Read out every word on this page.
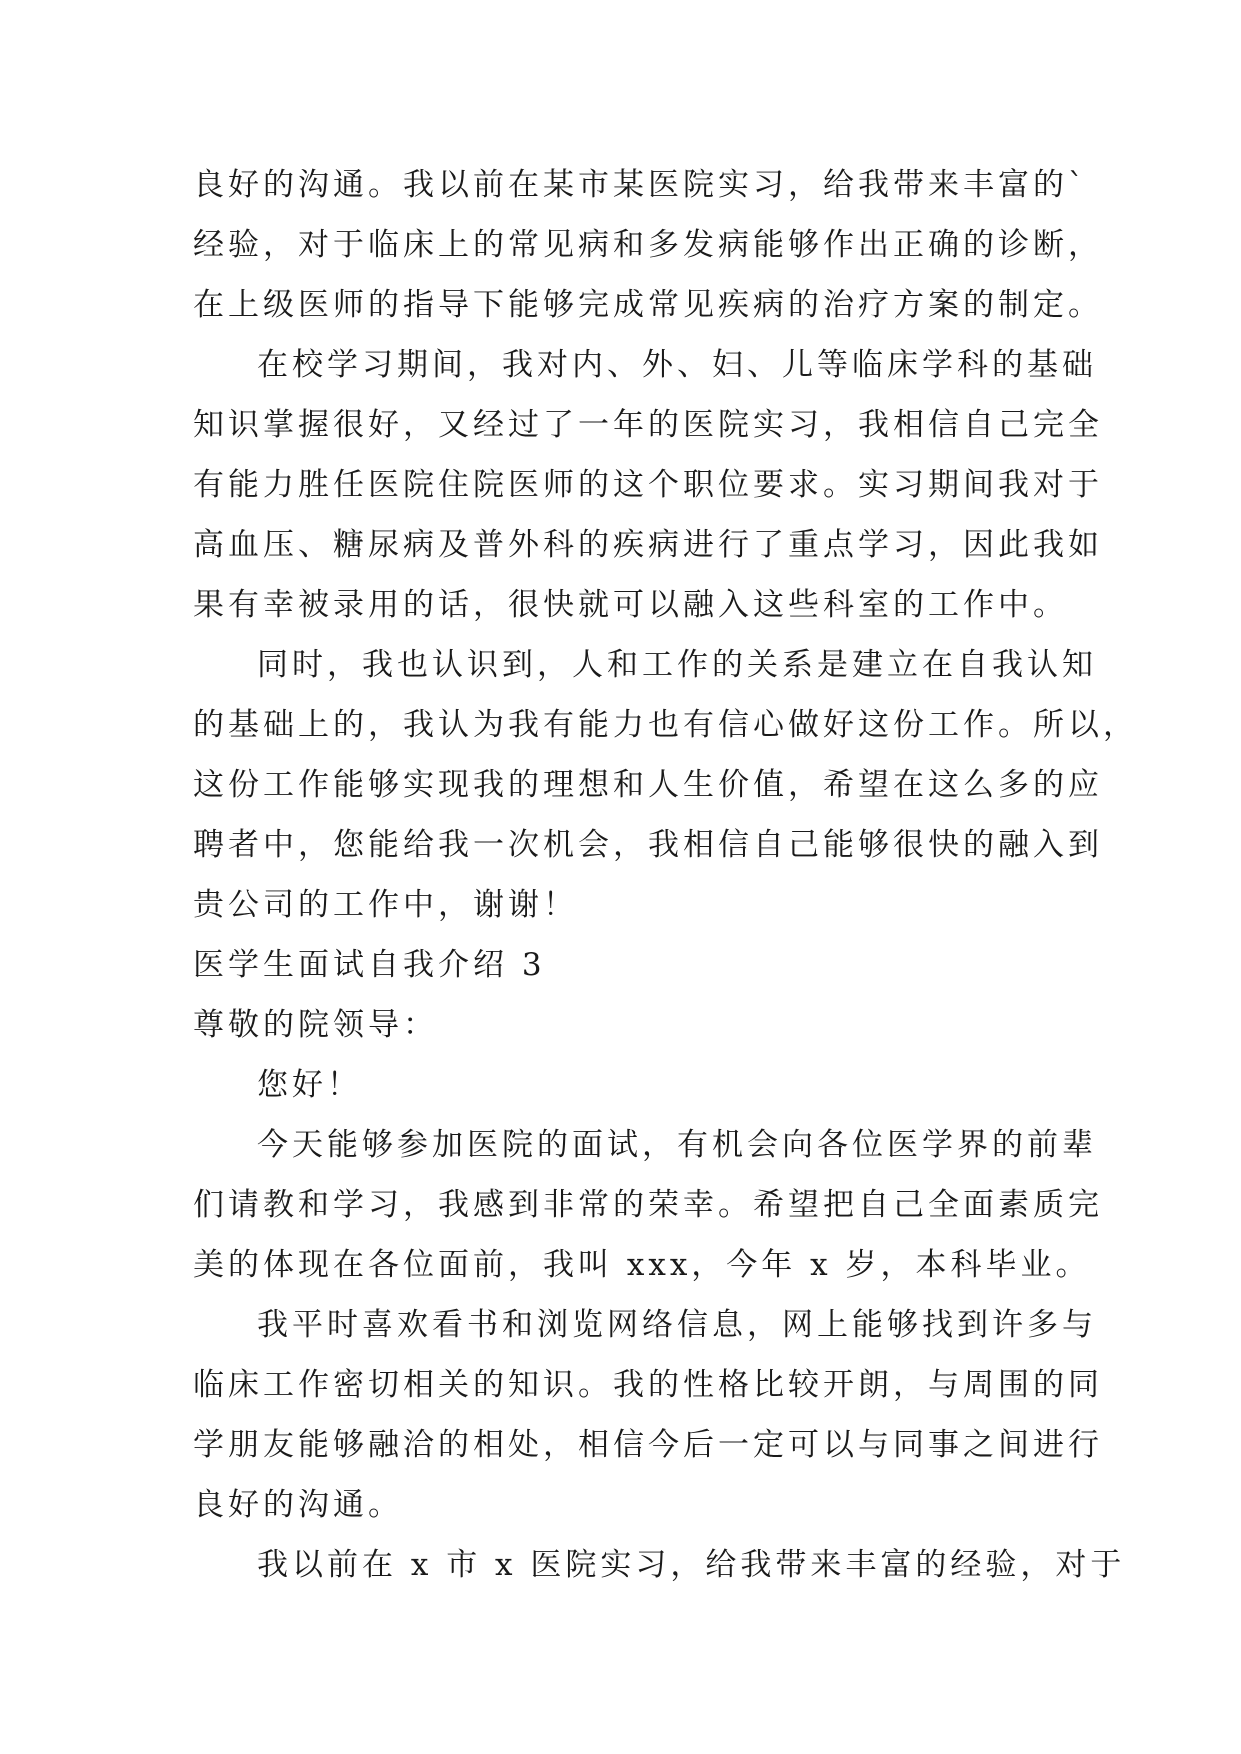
良好的沟通。我以前在某市某医院实习，给我带来丰富的`
经验，对于临床上的常见病和多发病能够作出正确的诊断，
在上级医师的指导下能够完成常见疾病的治疗方案的制定。
在校学习期间，我对内、外、妇、儿等临床学科的基础
知识掌握很好，又经过了一年的医院实习，我相信自己完全
有能力胜任医院住院医师的这个职位要求。实习期间我对于
高血压、糖尿病及普外科的疾病进行了重点学习，因此我如
果有幸被录用的话，很快就可以融入这些科室的工作中。
同时，我也认识到，人和工作的关系是建立在自我认知
的基础上的，我认为我有能力也有信心做好这份工作。所以，
这份工作能够实现我的理想和人生价值，希望在这么多的应
聘者中，您能给我一次机会，我相信自己能够很快的融入到
贵公司的工作中，谢谢！
医学生面试自我介绍 3
尊敬的院领导：
您好！
今天能够参加医院的面试，有机会向各位医学界的前辈
们请教和学习，我感到非常的荣幸。希望把自己全面素质完
美的体现在各位面前，我叫 xxx，今年 x 岁，本科毕业。
我平时喜欢看书和浏览网络信息，网上能够找到许多与
临床工作密切相关的知识。我的性格比较开朗，与周围的同
学朋友能够融洽的相处，相信今后一定可以与同事之间进行
良好的沟通。
我以前在 x 市 x 医院实习，给我带来丰富的经验，对于
